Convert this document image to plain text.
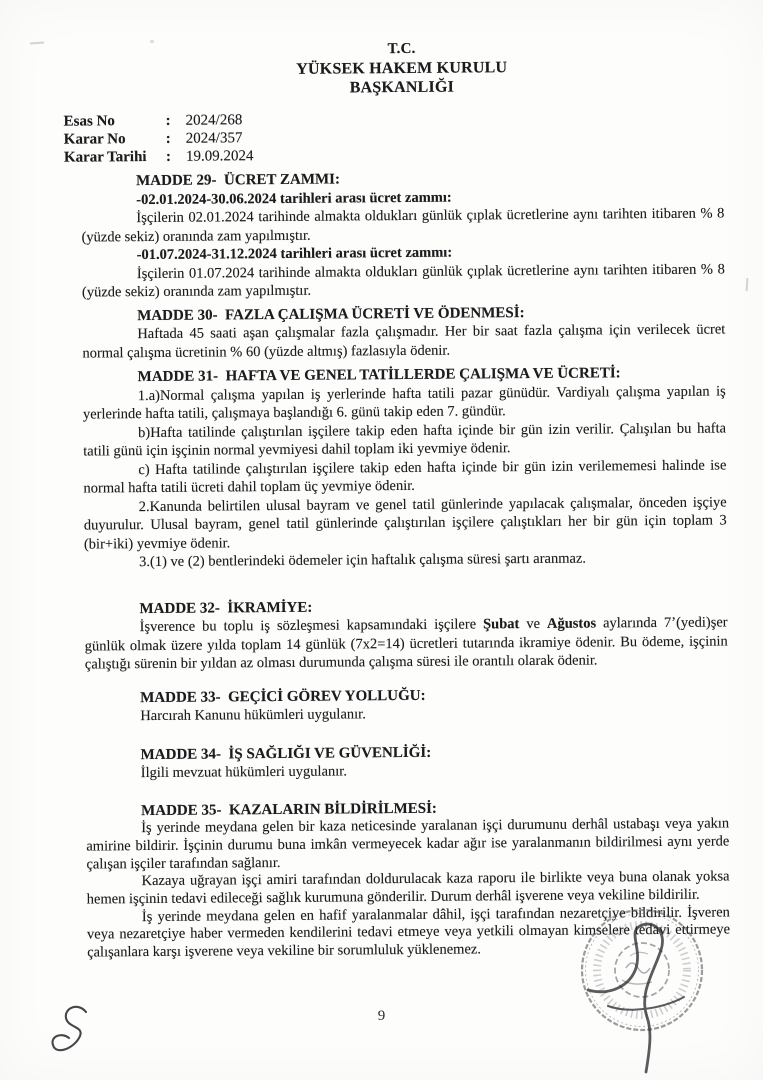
T.C.
YÜKSEK HAKEM KURULU
BAŞKANLIĞI
Esas No	: 2024/268
Karar No	: 2024/357
Karar Tarihi	: 19.09.2024
MADDE 29-  ÜCRET ZAMMI:

-02.01.2024-30.06.2024 tarihleri arası ücret zammı:

İşçilerin 02.01.2024 tarihinde almakta oldukları günlük çıplak ücretlerine aynı tarihten itibaren % 8 (yüzde sekiz) oranında zam yapılmıştır.

-01.07.2024-31.12.2024 tarihleri arası ücret zammı:

İşçilerin 01.07.2024 tarihinde almakta oldukları günlük çıplak ücretlerine aynı tarihten itibaren % 8 (yüzde sekiz) oranında zam yapılmıştır.

MADDE 30-  FAZLA ÇALIŞMA ÜCRETİ VE ÖDENMESİ:

Haftada 45 saati aşan çalışmalar fazla çalışmadır. Her bir saat fazla çalışma için verilecek ücret normal çalışma ücretinin % 60 (yüzde altmış) fazlasıyla ödenir.

MADDE 31-  HAFTA VE GENEL TATİLLERDE ÇALIŞMA VE ÜCRETİ:

1.a)Normal çalışma yapılan iş yerlerinde hafta tatili pazar günüdür. Vardiyalı çalışma yapılan iş yerlerinde hafta tatili, çalışmaya başlandığı 6. günü takip eden 7. gündür.

b)Hafta tatilinde çalıştırılan işçilere takip eden hafta içinde bir gün izin verilir. Çalışılan bu hafta tatili günü için işçinin normal yevmiyesi dahil toplam iki yevmiye ödenir.

c) Hafta tatilinde çalıştırılan işçilere takip eden hafta içinde bir gün izin verilememesi halinde ise normal hafta tatili ücreti dahil toplam üç yevmiye ödenir.

2.Kanunda belirtilen ulusal bayram ve genel tatil günlerinde yapılacak çalışmalar, önceden işçiye duyurulur. Ulusal bayram, genel tatil günlerinde çalıştırılan işçilere çalıştıkları her bir gün için toplam 3 (bir+iki) yevmiye ödenir.

3.(1) ve (2) bentlerindeki ödemeler için haftalık çalışma süresi şartı aranmaz.

MADDE 32-  İKRAMİYE:

İşverence bu toplu iş sözleşmesi kapsamındaki işçilere Şubat ve Ağustos aylarında 7’(yedi)şer günlük olmak üzere yılda toplam 14 günlük (7x2=14) ücretleri tutarında ikramiye ödenir. Bu ödeme, işçinin çalıştığı sürenin bir yıldan az olması durumunda çalışma süresi ile orantılı olarak ödenir.

MADDE 33-  GEÇİCİ GÖREV YOLLUĞU:

Harcırah Kanunu hükümleri uygulanır.

MADDE 34-  İŞ SAĞLIĞI VE GÜVENLİĞİ:

İlgili mevzuat hükümleri uygulanır.

MADDE 35-  KAZALARIN BİLDİRİLMESİ:

İş yerinde meydana gelen bir kaza neticesinde yaralanan işçi durumunu derhâl ustabaşı veya yakın amirine bildirir. İşçinin durumu buna imkân vermeyecek kadar ağır ise yaralanmanın bildirilmesi aynı yerde çalışan işçiler tarafından sağlanır.

Kazaya uğrayan işçi amiri tarafından doldurulacak kaza raporu ile birlikte veya buna olanak yoksa hemen işçinin tedavi edileceği sağlık kurumuna gönderilir. Durum derhâl işverene veya vekiline bildirilir.

İş yerinde meydana gelen en hafif yaralanmalar dâhil, işçi tarafından nezaretçiye bildirilir. İşveren veya nezaretçiye haber vermeden kendilerini tedavi etmeye veya yetkili olmayan kimselere tedavi ettirmeye çalışanlara karşı işverene veya vekiline bir sorumluluk yüklenemez.

9
